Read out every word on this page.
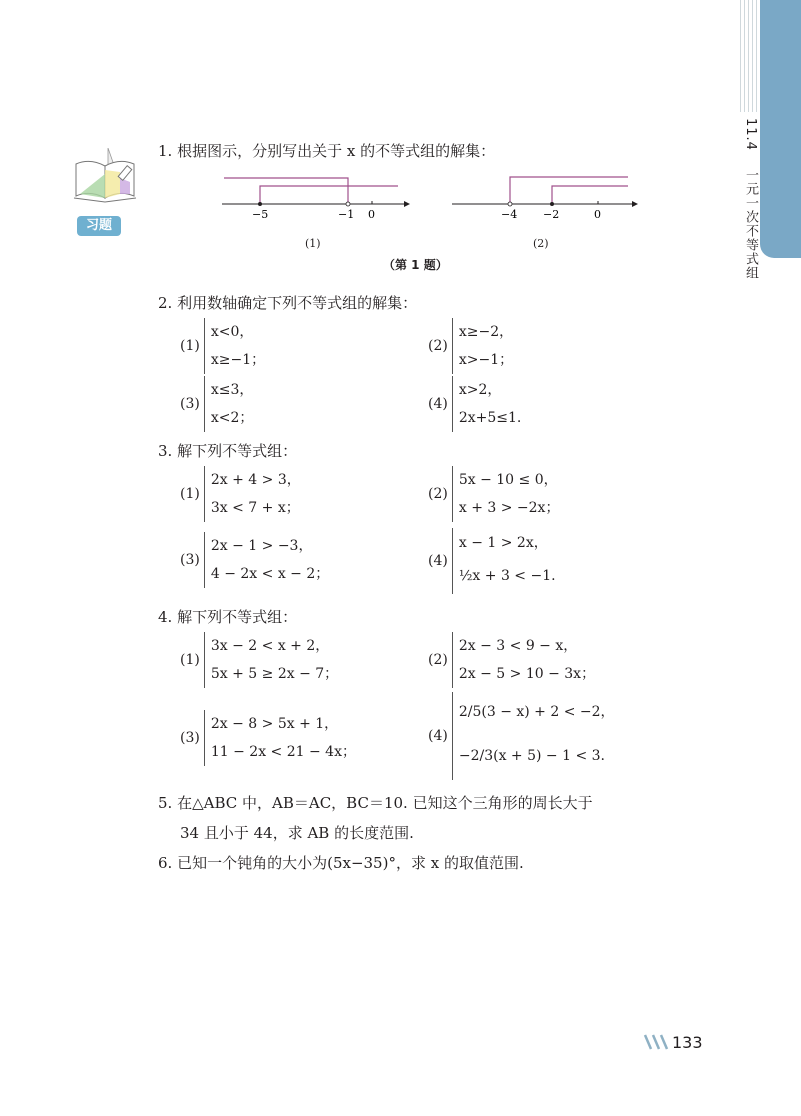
11.4 一元一次不等式组
习题
1. 根据图示，分别写出关于 x 的不等式组的解集：
−5	−1 0
(1)
−4 −2	0
(2)
（第 1 题）
2. 利用数轴确定下列不等式组的解集：
(1)
x<0，
x≥−1；
(2)
x≥−2，
x>−1；
(3)
x≤3，
x<2；
(4)
x>2，
2x+5≤1.
3. 解下列不等式组：
(1)
2x + 4 > 3，
3x < 7 + x；
(2)
5x − 10 ≤ 0，
x + 3 > −2x；
(3)
2x − 1 > −3，
4 − 2x < x − 2；
(4)
x − 1 > 2x，
½x + 3 < −1.
4. 解下列不等式组：
(1)
3x − 2 < x + 2，
5x + 5 ≥ 2x − 7；
(2)
2x − 3 < 9 − x，
2x − 5 > 10 − 3x；
(3)
2x − 8 > 5x + 1，
11 − 2x < 21 − 4x；
(4)
2/5(3 − x) + 2 < −2，
−2/3(x + 5) − 1 < 3.
5. 在△ABC 中，AB＝AC，BC＝10. 已知这个三角形的周长大于
34 且小于 44，求 AB 的长度范围.
6. 已知一个钝角的大小为(5x−35)°，求 x 的取值范围.
133
